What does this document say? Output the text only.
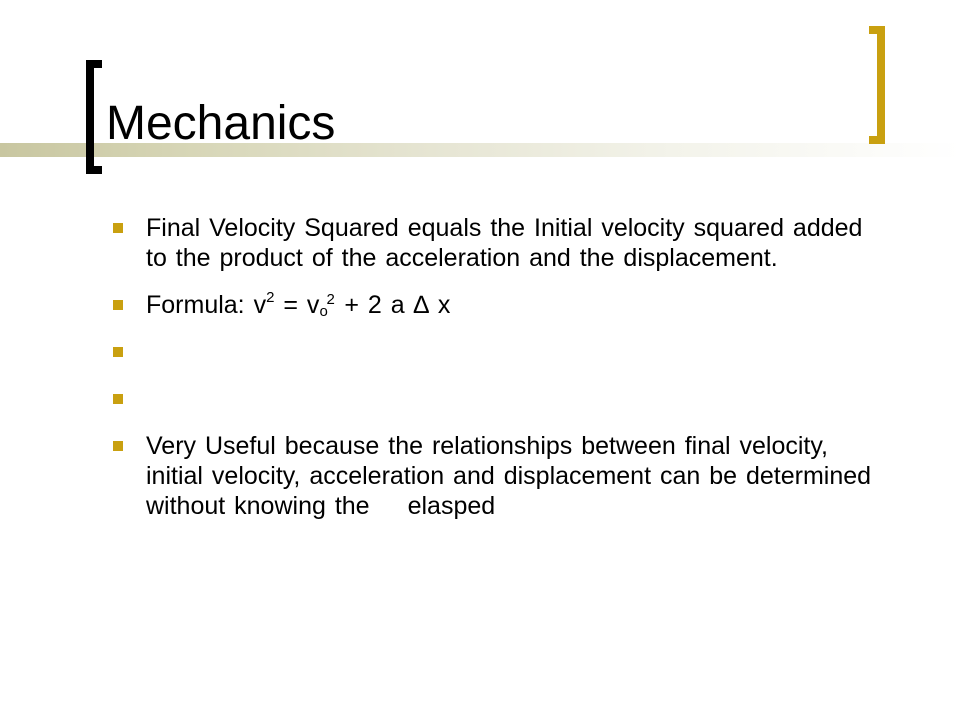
Mechanics
Final Velocity Squared equals the Initial velocity squared added to the product of the acceleration and the displacement.
Formula: $v^2 = v$ o
2 + 2 a ∆ x
Very Useful because the relationships between final velocity, initial velocity, acceleration and displacement can be determined without knowing the elasped
